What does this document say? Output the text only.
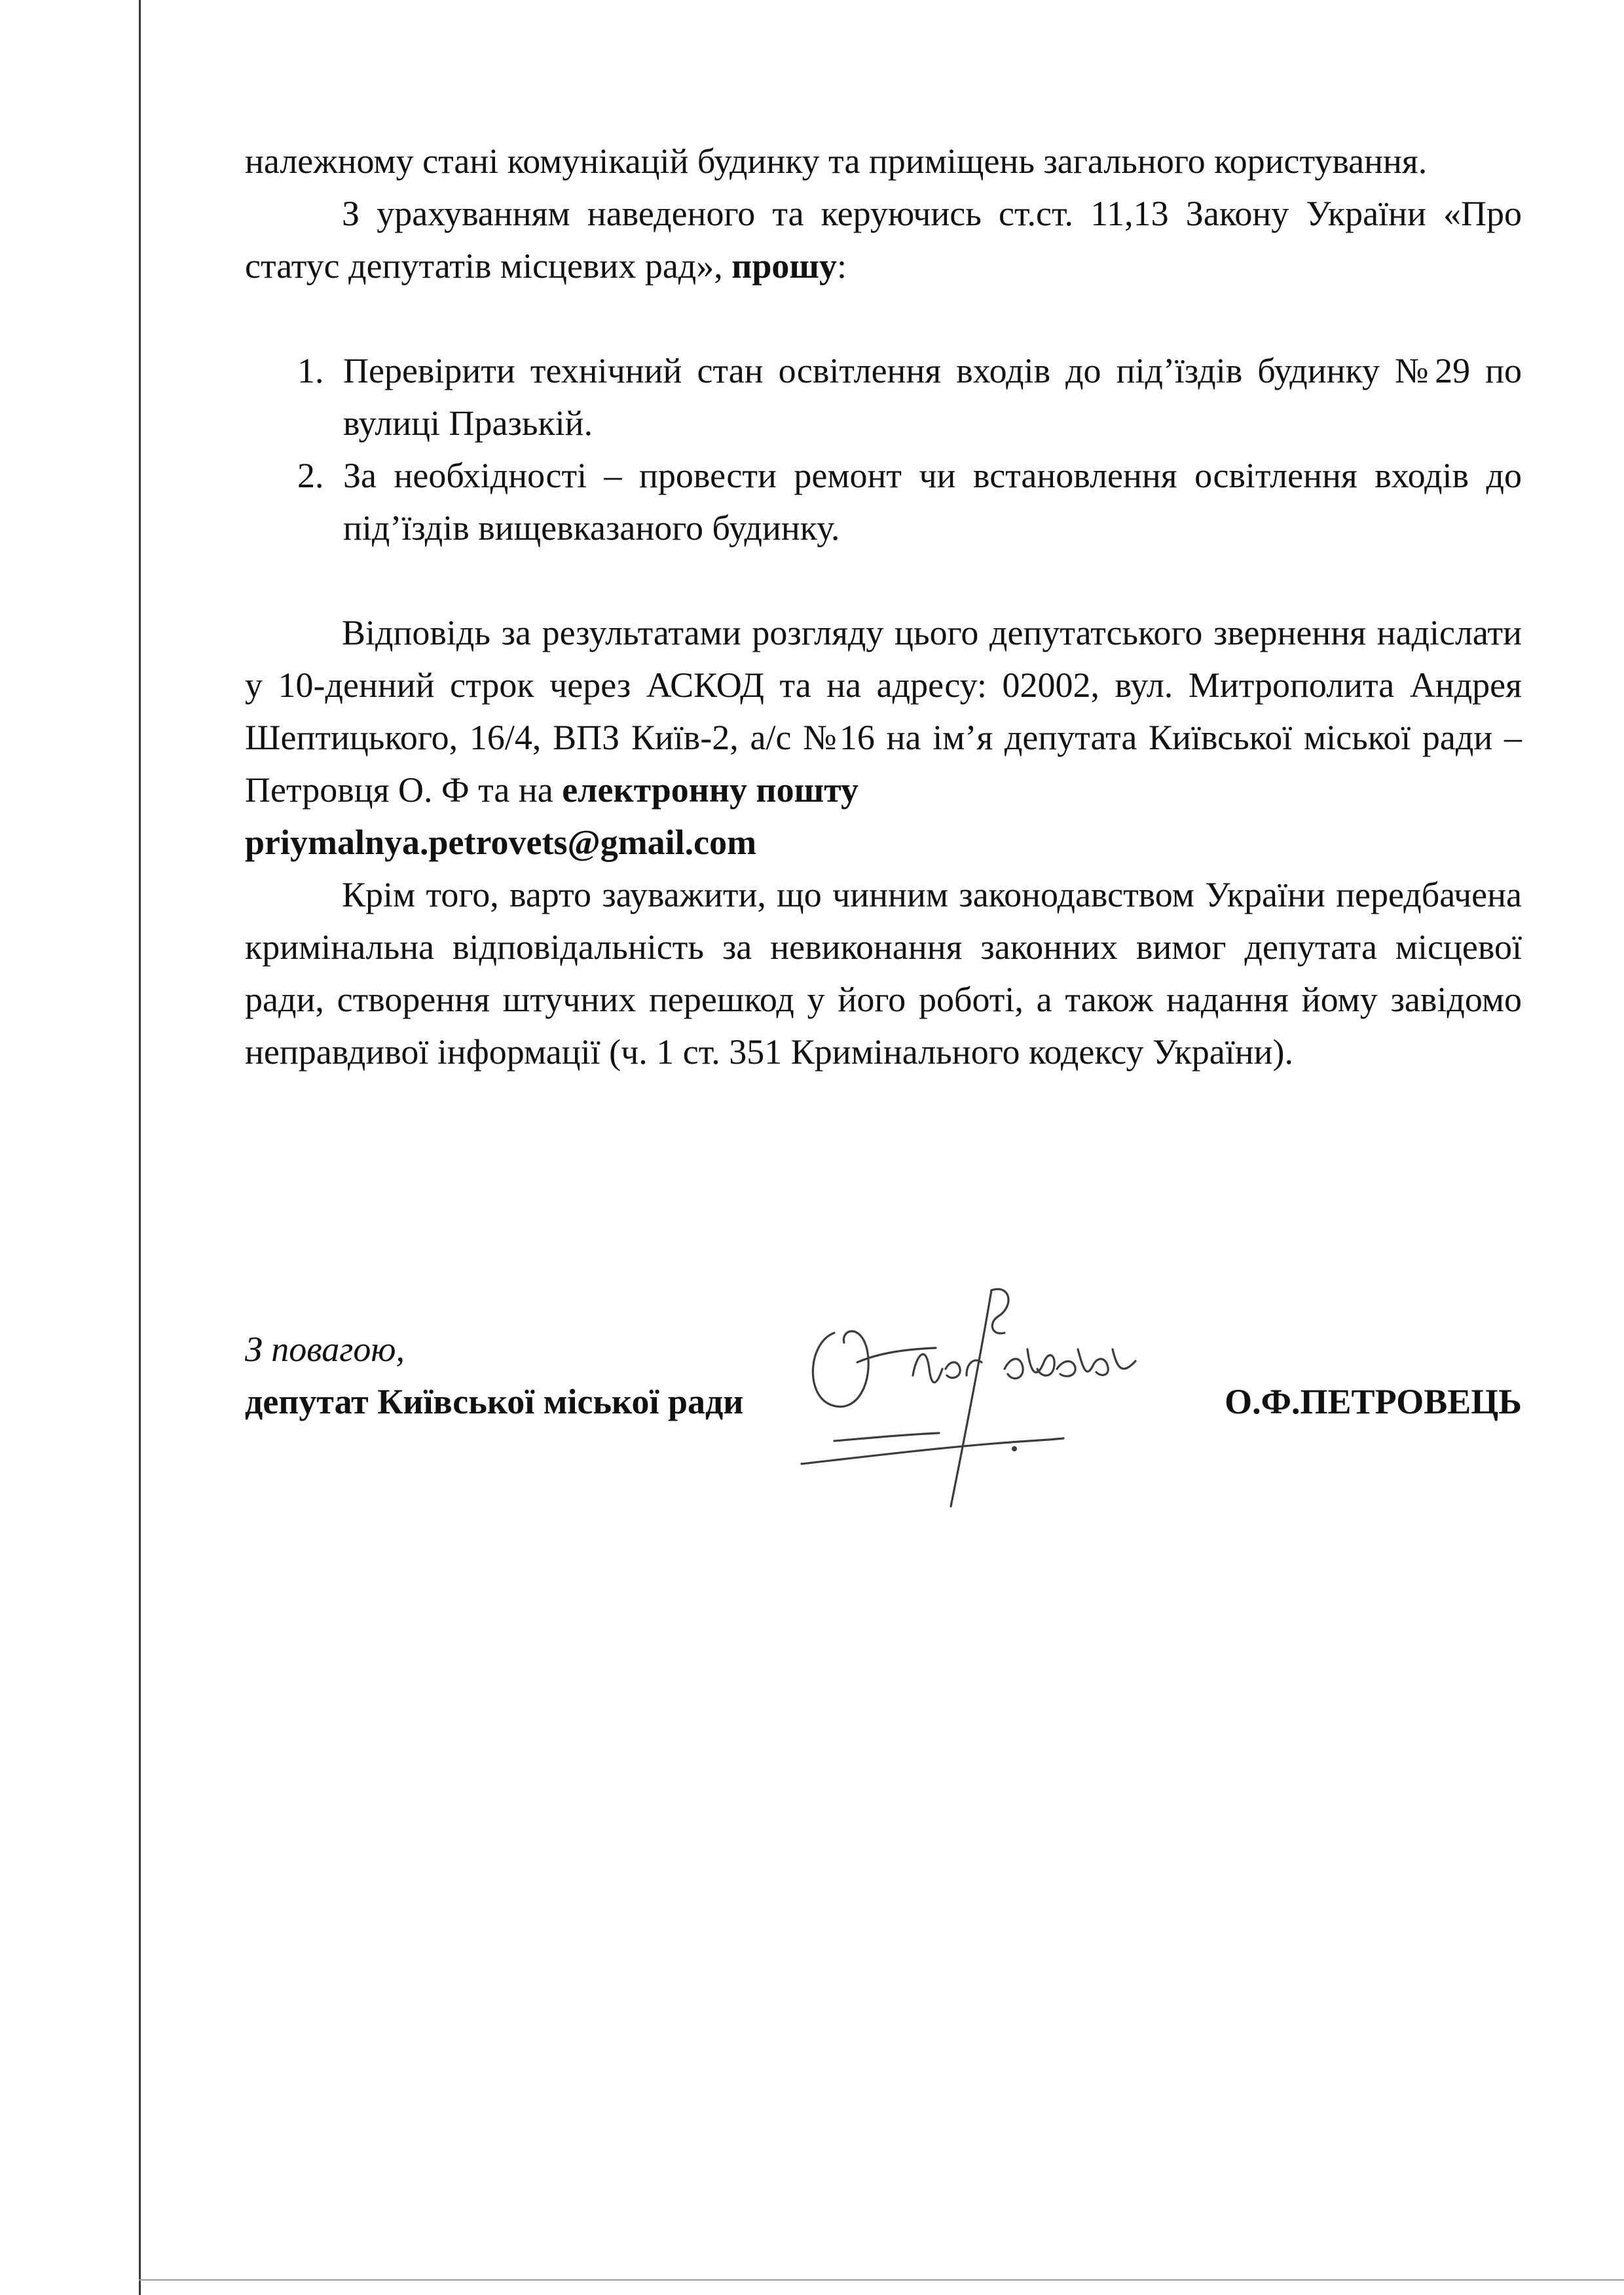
належному стані комунікацій будинку та приміщень загального користування.

З урахуванням наведеного та керуючись ст.ст. 11,13 Закону України «Про статус депутатів місцевих рад», прошу:

1. Перевірити технічний стан освітлення входів до під’їздів будинку №29 по вулиці Празькій.
2. За необхідності – провести ремонт чи встановлення освітлення входів до під’їздів вищевказаного будинку.

Відповідь за результатами розгляду цього депутатського звернення надіслати у 10-денний строк через АСКОД та на адресу: 02002, вул. Митрополита Андрея Шептицького, 16/4, ВПЗ Київ-2, а/с №16 на ім’я депутата Київської міської ради – Петровця О. Ф та на електронну пошту

priymalnya.petrovets@gmail.com

Крім того, варто зауважити, що чинним законодавством України передбачена кримінальна відповідальність за невиконання законних вимог депутата місцевої ради, створення штучних перешкод у його роботі, а також надання йому завідомо неправдивої інформації (ч. 1 ст. 351 Кримінального кодексу України).

З повагою,
депутат Київської міської ради	О.Ф.ПЕТРОВЕЦЬ
